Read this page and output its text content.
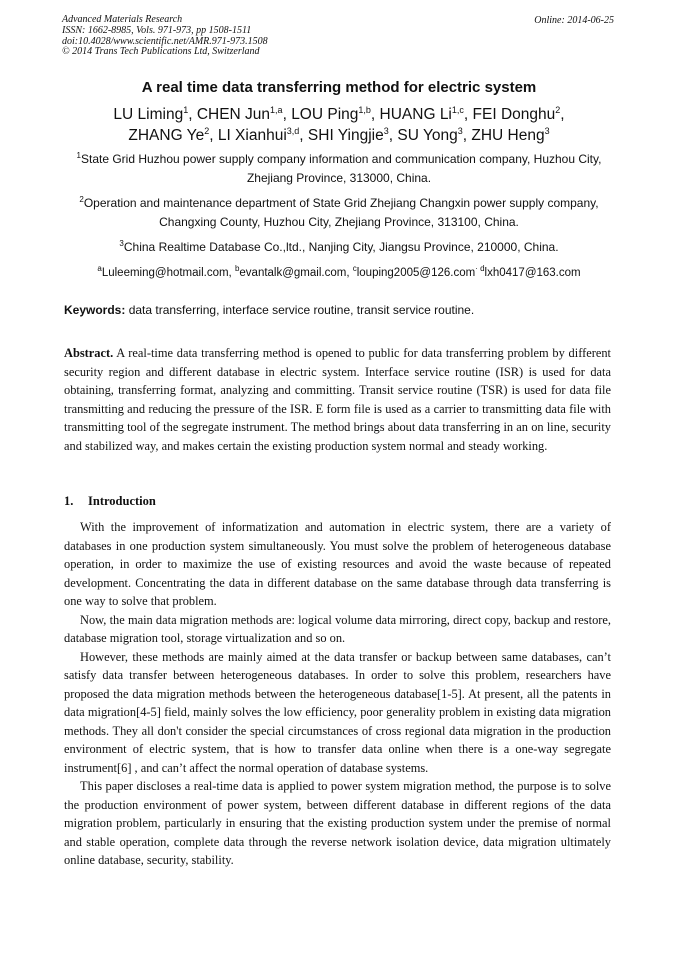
Advanced Materials Research
ISSN: 1662-8985, Vols. 971-973, pp 1508-1511
doi:10.4028/www.scientific.net/AMR.971-973.1508
© 2014 Trans Tech Publications Ltd, Switzerland
Online: 2014-06-25
A real time data transferring method for electric system
LU Liming$^1$, CHEN Jun$^{1,a}$, LOU Ping$^{1,b}$, HUANG Li$^{1,c}$, FEI Donghu$^2$,
ZHANG Ye$^2$, LI Xianhui$^{3,d}$, SHI Yingjie$^3$, SU Yong$^3$, ZHU Heng$^3$
$^1$State Grid Huzhou power supply company information and communication company, Huzhou City,
Zhejiang Province, 313000, China.
$^2$Operation and maintenance department of State Grid Zhejiang Changxin power supply company,
Changxing County, Huzhou City, Zhejiang Province, 313100, China.
$^3$China Realtime Database Co.,ltd., Nanjing City, Jiangsu Province, 210000, China.
$^a$Luleeming@hotmail.com, $^b$evantalk@gmail.com, $^c$louping2005@126.com$^{\cdot d}$lxh0417@163.com
Keywords: data transferring, interface service routine, transit service routine.
Abstract. A real-time data transferring method is opened to public for data transferring problem by different security region and different database in electric system. Interface service routine (ISR) is used for data obtaining, transferring format, analyzing and committing. Transit service routine (TSR) is used for data file transmitting and reducing the pressure of the ISR. E form file is used as a carrier to transmitting data file with transmitting tool of the segregate instrument. The method brings about data transferring in an on line, security and stabilized way, and makes certain the existing production system normal and steady working.
1. Introduction

With the improvement of informatization and automation in electric system, there are a variety of databases in one production system simultaneously. You must solve the problem of heterogeneous database operation, in order to maximize the use of existing resources and avoid the waste because of repeated development. Concentrating the data in different database on the same database through data transferring is one way to solve that problem.

Now, the main data migration methods are: logical volume data mirroring, direct copy, backup and restore, database migration tool, storage virtualization and so on.

However, these methods are mainly aimed at the data transfer or backup between same databases, can’t satisfy data transfer between heterogeneous databases. In order to solve this problem, researchers have proposed the data migration methods between the heterogeneous database[1-5]. At present, all the patents in data migration[4-5] field, mainly solves the low efficiency, poor generality problem in existing data migration methods. They all don't consider the special circumstances of cross regional data migration in the production environment of electric system, that is how to transfer data online when there is a one-way segregate instrument[6] , and can’t affect the normal operation of database systems.

This paper discloses a real-time data is applied to power system migration method, the purpose is to solve the production environment of power system, between different database in different regions of the data migration problem, particularly in ensuring that the existing production system under the premise of normal and stable operation, complete data through the reverse network isolation device, data migration ultimately online database, security, stability.
